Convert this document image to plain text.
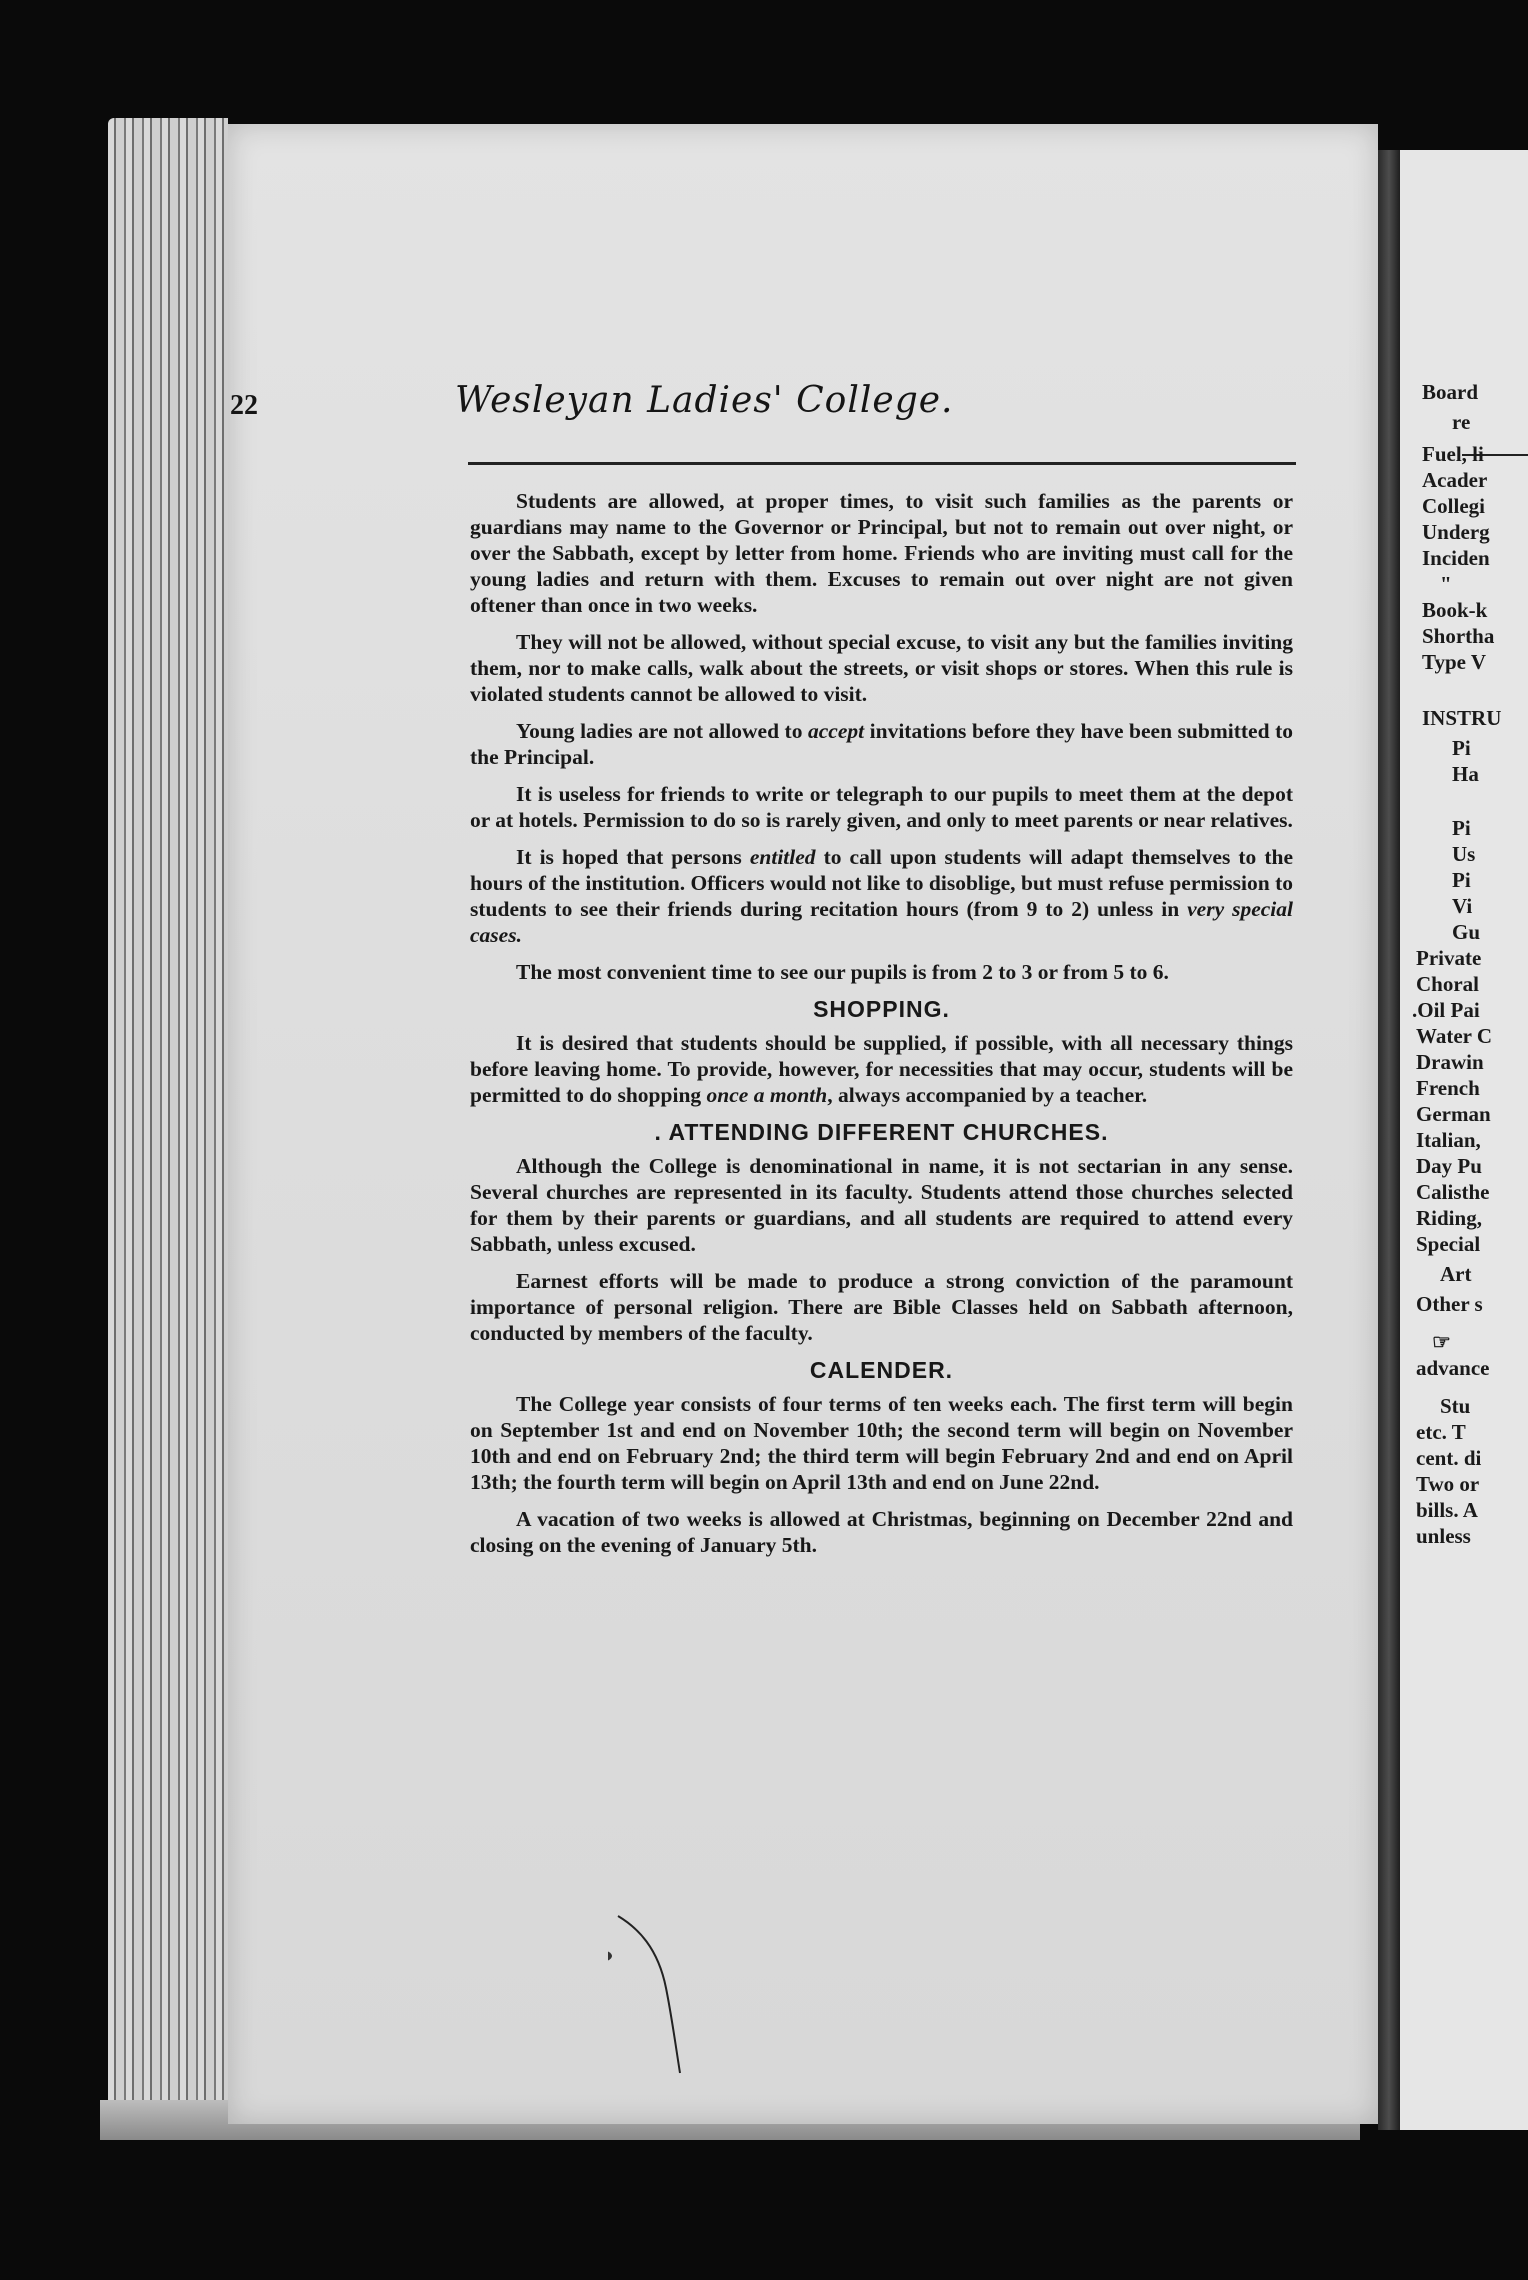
Board
re
Fuel, li
Acader
Collegi
Underg
Inciden
"
Book-k
Shortha
Type V
INSTRU
Pi
Ha
Pi
Us
Pi
Vi
Gu
Private
Choral
.Oil Pai
Water C
Drawin
French
German
Italian,
Day Pu
Calisthe
Riding,
Special
Art
Other s
☞
advance
Stu
etc. T
cent. di
Two or
bills. A
unless
22	Wesleyan Ladies' College.

Students are allowed, at proper times, to visit such families as the parents or guardians may name to the Governor or Principal, but not to remain out over night, or over the Sabbath, except by letter from home. Friends who are inviting must call for the young ladies and return with them. Excuses to remain out over night are not given oftener than once in two weeks.

They will not be allowed, without special excuse, to visit any but the families inviting them, nor to make calls, walk about the streets, or visit shops or stores. When this rule is violated students cannot be allowed to visit.

Young ladies are not allowed to accept invitations before they have been submitted to the Principal.

It is useless for friends to write or telegraph to our pupils to meet them at the depot or at hotels. Permission to do so is rarely given, and only to meet parents or near relatives.

It is hoped that persons entitled to call upon students will adapt themselves to the hours of the institution. Officers would not like to disoblige, but must refuse permission to students to see their friends during recitation hours (from 9 to 2) unless in very special cases.

The most convenient time to see our pupils is from 2 to 3 or from 5 to 6.

SHOPPING.

It is desired that students should be supplied, if possible, with all necessary things before leaving home. To provide, however, for necessities that may occur, students will be permitted to do shopping once a month, always accompanied by a teacher.

. ATTENDING DIFFERENT CHURCHES.

Although the College is denominational in name, it is not sectarian in any sense. Several churches are represented in its faculty. Students attend those churches selected for them by their parents or guardians, and all students are required to attend every Sabbath, unless excused.

Earnest efforts will be made to produce a strong conviction of the paramount importance of personal religion. There are Bible Classes held on Sabbath afternoon, conducted by members of the faculty.

CALENDER.

The College year consists of four terms of ten weeks each. The first term will begin on September 1st and end on November 10th; the second term will begin on November 10th and end on February 2nd; the third term will begin February 2nd and end on April 13th; the fourth term will begin on April 13th and end on June 22nd.

A vacation of two weeks is allowed at Christmas, beginning on December 22nd and closing on the evening of January 5th.
